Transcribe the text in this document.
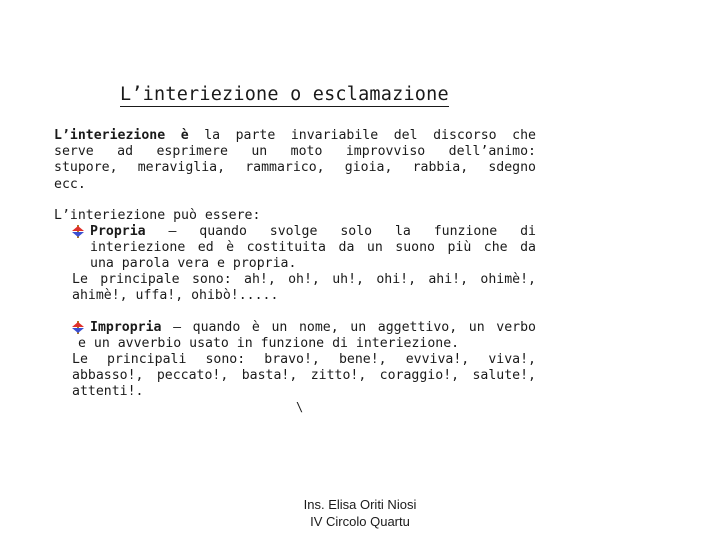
L’interiezione o esclamazione
L’interiezione è la parte invariabile del discorso che
serve ad esprimere un moto improvviso dell’animo:
stupore, meraviglia, rammarico, gioia, rabbia, sdegno
ecc.
L’interiezione può essere:
Propria – quando svolge solo la funzione di
interiezione ed è costituita da un suono più che da
una parola vera e propria.
Le principale sono: ah!, oh!, uh!, ohi!, ahi!, ohimè!,
ahimè!, uffa!, ohibò!.....
Impropria – quando è un nome, un aggettivo, un verbo
e un avverbio usato in funzione di interiezione.
Le principali sono: bravo!, bene!, evviva!, viva!,
abbasso!, peccato!, basta!, zitto!, coraggio!, salute!,
attenti!.
\
Ins. Elisa Oriti Niosi
IV Circolo Quartu
